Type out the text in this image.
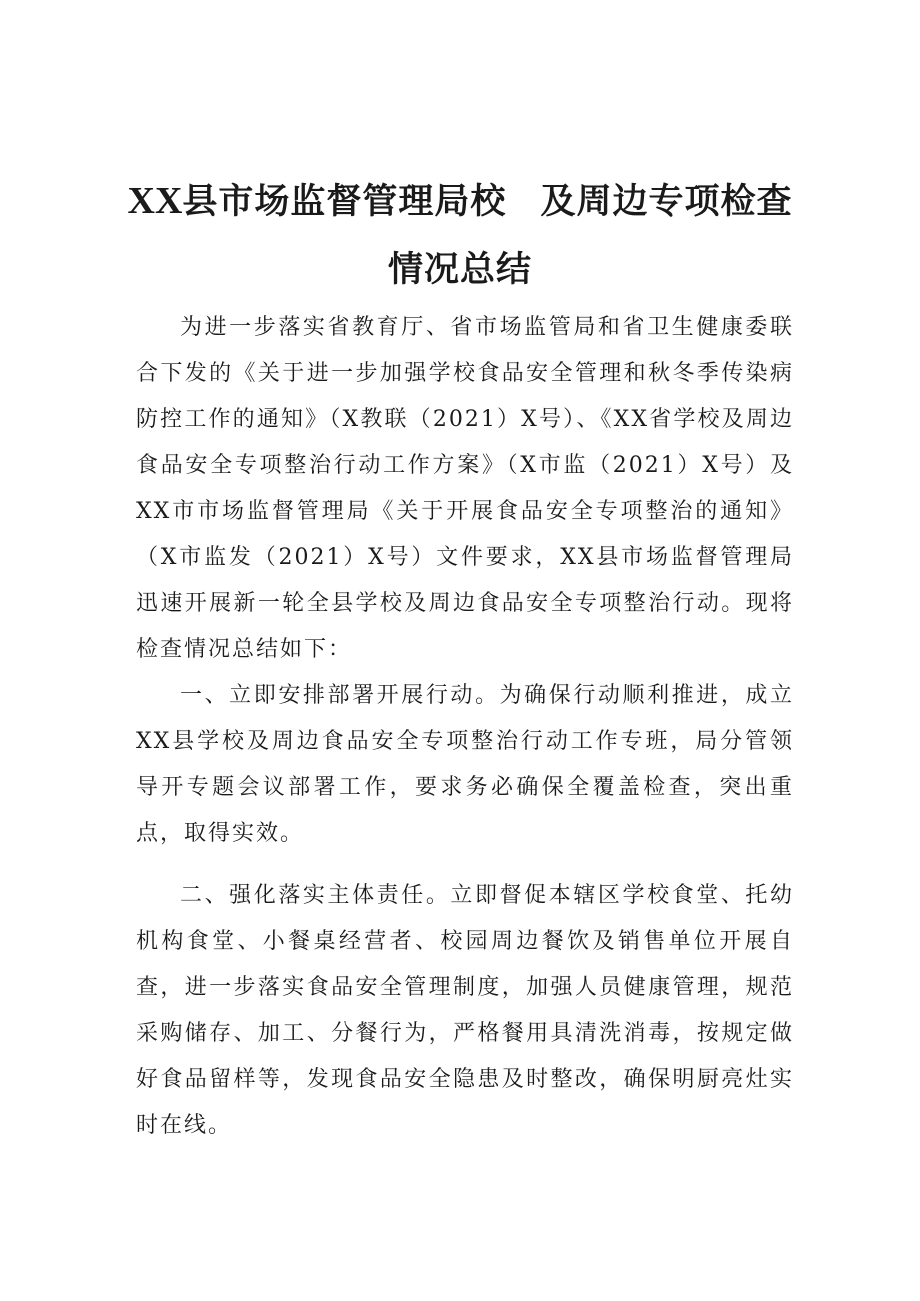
XX县市场监督管理局校 及周边专项检查
情况总结

为进一步落实省教育厅、省市场监管局和省卫生健康委联合下发的《关于进一步加强学校食品安全管理和秋冬季传染病防控工作的通知》（X教联（2021）X号）、《XX省学校及周边食品安全专项整治行动工作方案》（X市监（2021）X号）及XX市市场监督管理局《关于开展食品安全专项整治的通知》（X市监发（2021）X号）文件要求，XX县市场监督管理局迅速开展新一轮全县学校及周边食品安全专项整治行动。现将检查情况总结如下：

一、立即安排部署开展行动。为确保行动顺利推进，成立XX县学校及周边食品安全专项整治行动工作专班，局分管领导开专题会议部署工作，要求务必确保全覆盖检查，突出重点，取得实效。

二、强化落实主体责任。立即督促本辖区学校食堂、托幼机构食堂、小餐桌经营者、校园周边餐饮及销售单位开展自查，进一步落实食品安全管理制度，加强人员健康管理，规范采购储存、加工、分餐行为，严格餐用具清洗消毒，按规定做好食品留样等，发现食品安全隐患及时整改，确保明厨亮灶实时在线。
